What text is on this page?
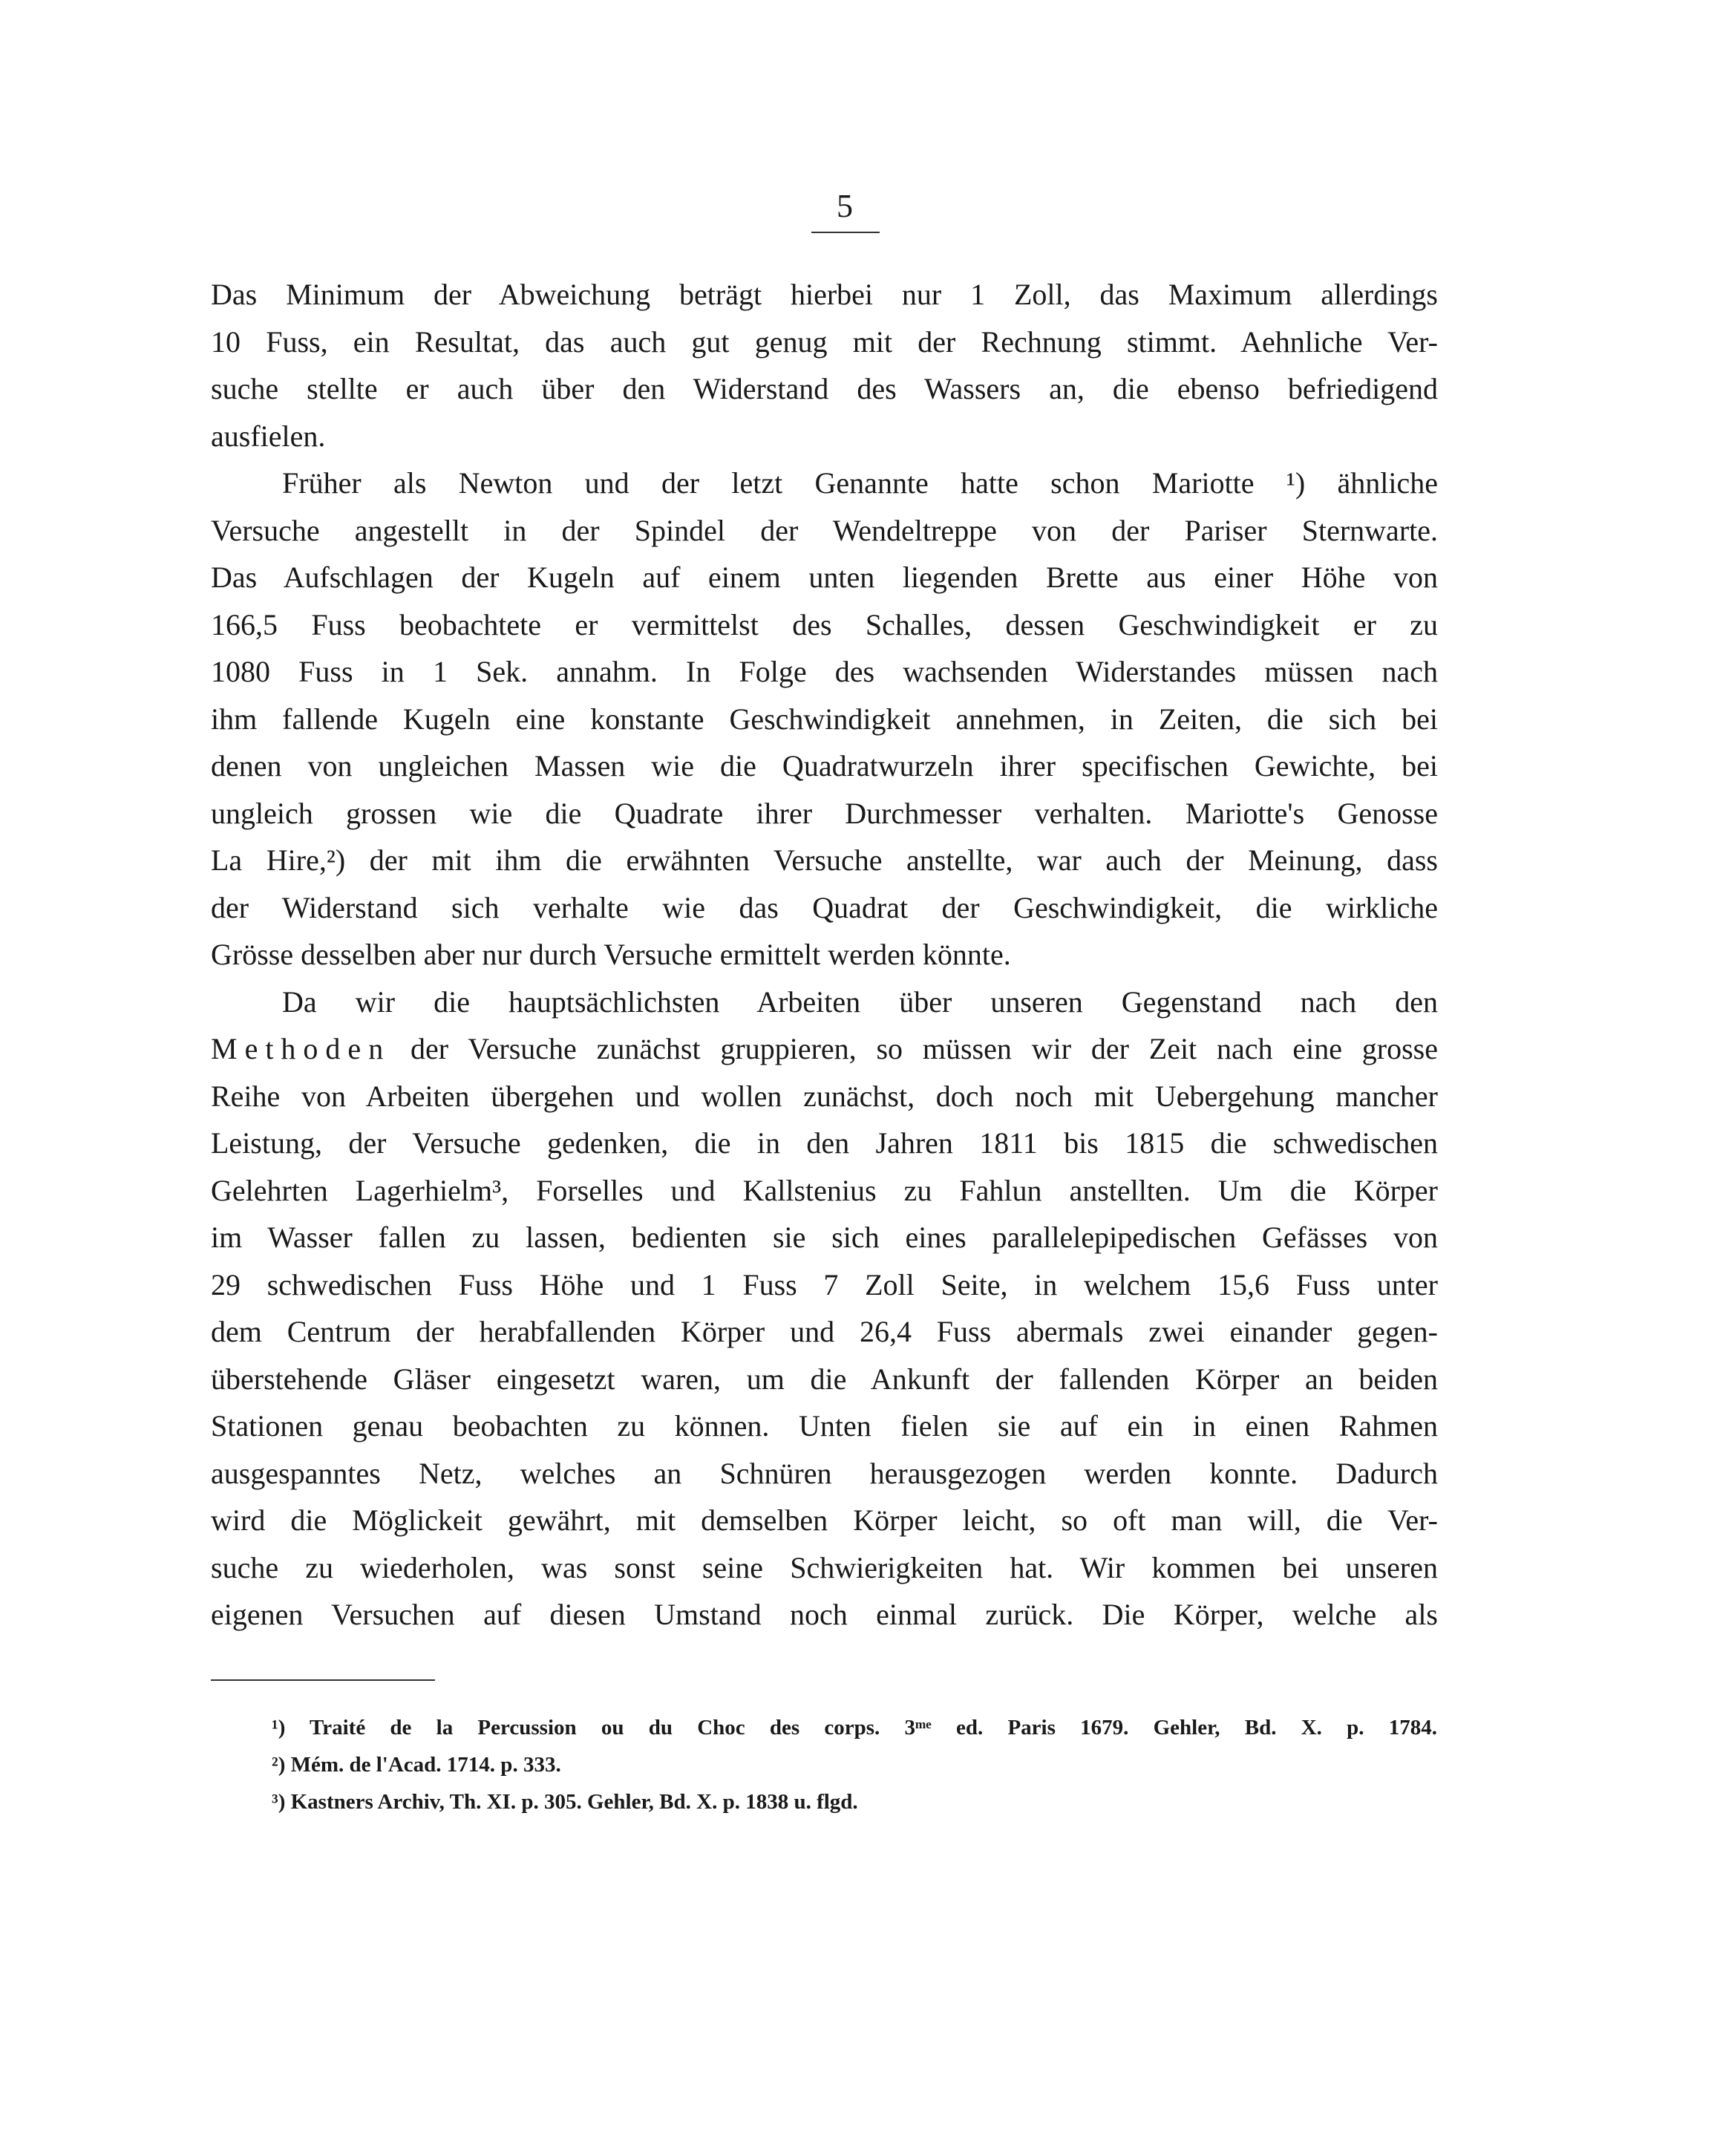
5
Das Minimum der Abweichung beträgt hierbei nur 1 Zoll, das Maximum allerdings
10 Fuss, ein Resultat, das auch gut genug mit der Rechnung stimmt. Aehnliche Ver-
suche stellte er auch über den Widerstand des Wassers an, die ebenso befriedigend
ausfielen.
Früher als Newton und der letzt Genannte hatte schon Mariotte ¹) ähnliche
Versuche angestellt in der Spindel der Wendeltreppe von der Pariser Sternwarte.
Das Aufschlagen der Kugeln auf einem unten liegenden Brette aus einer Höhe von
166,5 Fuss beobachtete er vermittelst des Schalles, dessen Geschwindigkeit er zu
1080 Fuss in 1 Sek. annahm. In Folge des wachsenden Widerstandes müssen nach
ihm fallende Kugeln eine konstante Geschwindigkeit annehmen, in Zeiten, die sich bei
denen von ungleichen Massen wie die Quadratwurzeln ihrer specifischen Gewichte, bei
ungleich grossen wie die Quadrate ihrer Durchmesser verhalten. Mariotte's Genosse
La Hire,²) der mit ihm die erwähnten Versuche anstellte, war auch der Meinung, dass
der Widerstand sich verhalte wie das Quadrat der Geschwindigkeit, die wirkliche
Grösse desselben aber nur durch Versuche ermittelt werden könnte.
Da wir die hauptsächlichsten Arbeiten über unseren Gegenstand nach den
Methoden der Versuche zunächst gruppieren, so müssen wir der Zeit nach eine grosse
Reihe von Arbeiten übergehen und wollen zunächst, doch noch mit Uebergehung mancher
Leistung, der Versuche gedenken, die in den Jahren 1811 bis 1815 die schwedischen
Gelehrten Lagerhielm³, Forselles und Kallstenius zu Fahlun anstellten. Um die Körper
im Wasser fallen zu lassen, bedienten sie sich eines parallelepipedischen Gefässes von
29 schwedischen Fuss Höhe und 1 Fuss 7 Zoll Seite, in welchem 15,6 Fuss unter
dem Centrum der herabfallenden Körper und 26,4 Fuss abermals zwei einander gegen-
überstehende Gläser eingesetzt waren, um die Ankunft der fallenden Körper an beiden
Stationen genau beobachten zu können. Unten fielen sie auf ein in einen Rahmen
ausgespanntes Netz, welches an Schnüren herausgezogen werden konnte. Dadurch
wird die Möglickeit gewährt, mit demselben Körper leicht, so oft man will, die Ver-
suche zu wiederholen, was sonst seine Schwierigkeiten hat. Wir kommen bei unseren
eigenen Versuchen auf diesen Umstand noch einmal zurück. Die Körper, welche als
¹) Traité de la Percussion ou du Choc des corps. 3ᵐᵉ ed. Paris 1679. Gehler, Bd. X. p. 1784.
²) Mém. de l'Acad. 1714. p. 333.
³) Kastners Archiv, Th. XI. p. 305. Gehler, Bd. X. p. 1838 u. flgd.
